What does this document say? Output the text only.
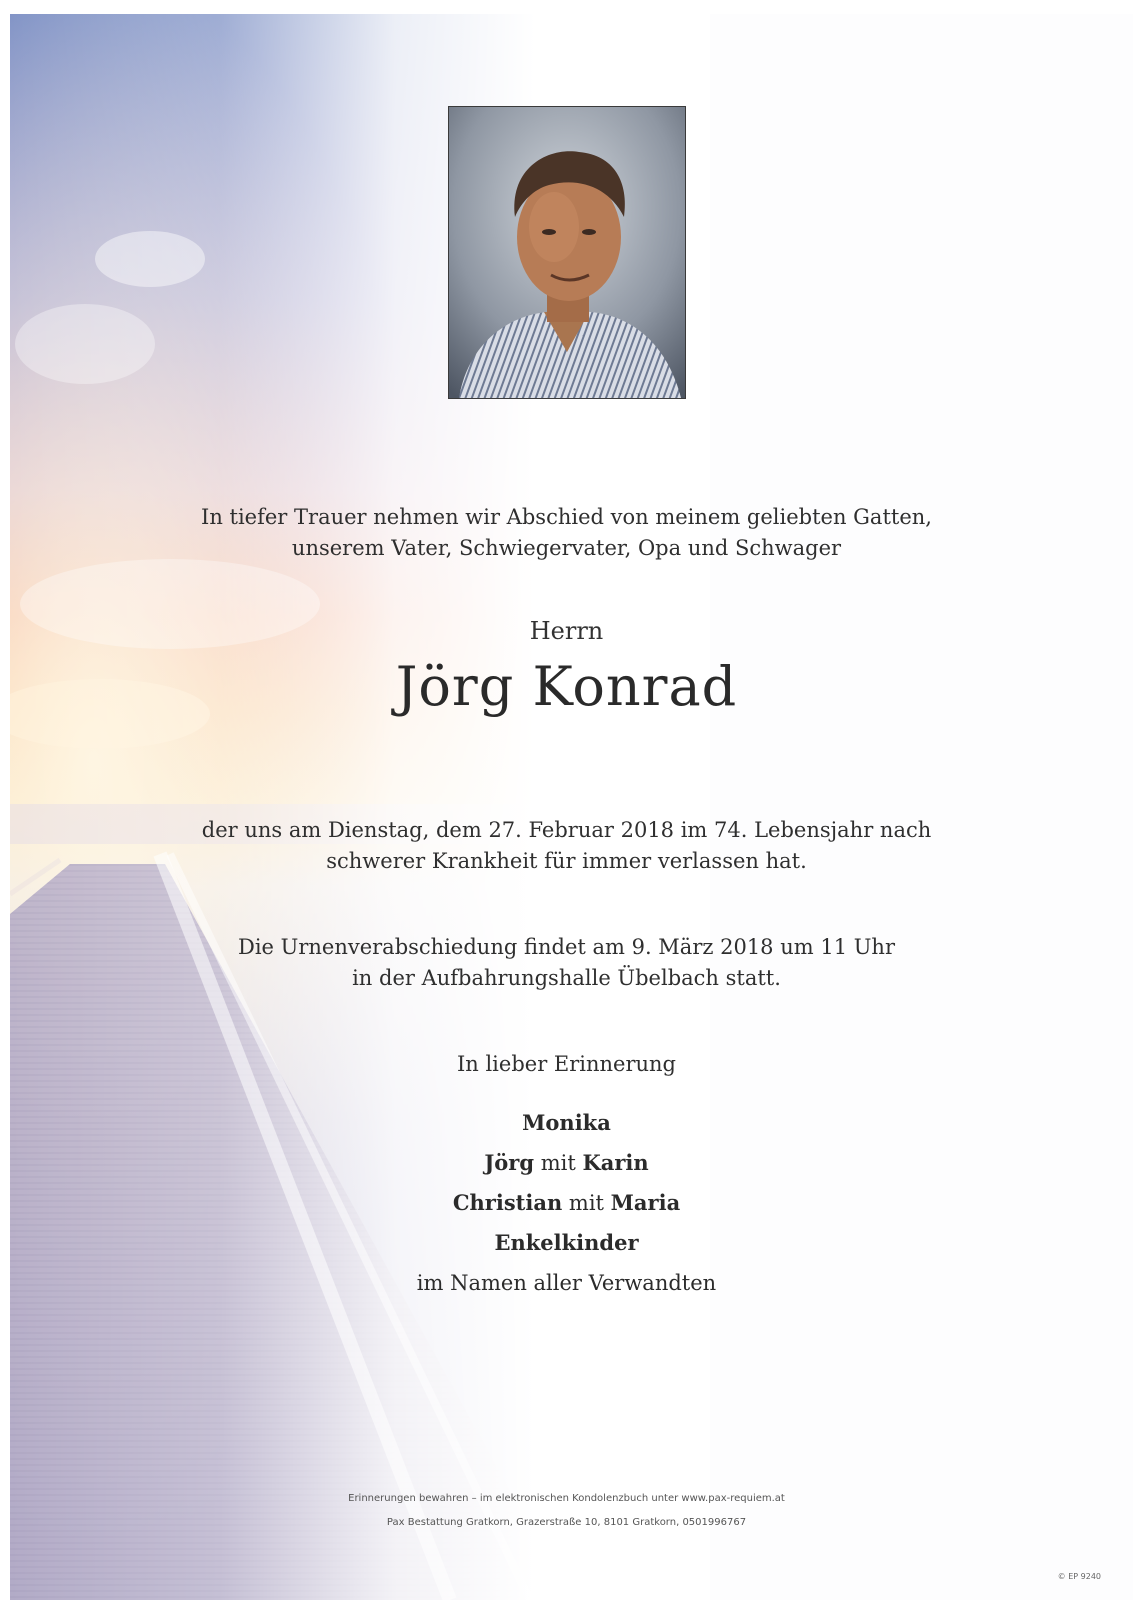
In tiefer Trauer nehmen wir Abschied von meinem geliebten Gatten,
unserem Vater, Schwiegervater, Opa und Schwager
Herrn
Jörg Konrad
der uns am Dienstag, dem 27. Februar 2018 im 74. Lebensjahr nach
schwerer Krankheit für immer verlassen hat.
Die Urnenverabschiedung findet am 9. März 2018 um 11 Uhr
in der Aufbahrungshalle Übelbach statt.
In lieber Erinnerung
Monika
Jörg mit Karin
Christian mit Maria
Enkelkinder
im Namen aller Verwandten
Erinnerungen bewahren – im elektronischen Kondolenzbuch unter www.pax-requiem.at
Pax Bestattung Gratkorn, Grazerstraße 10, 8101 Gratkorn, 0501996767
© EP 9240
